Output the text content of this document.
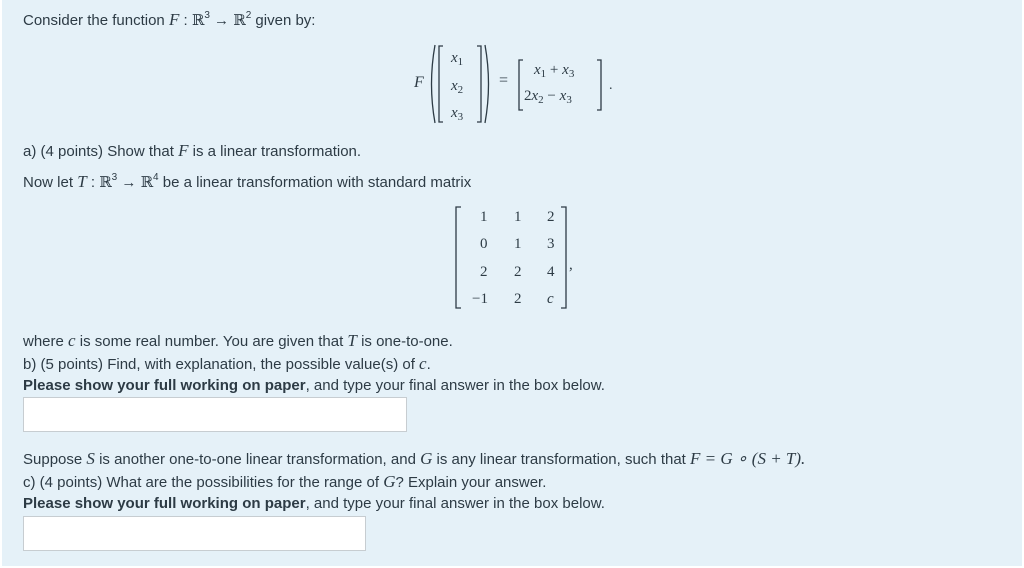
Consider the function F : ℝ$^3$ → ℝ$^2$ given by:
F
$x_1$
$x_2$
$x_3$
=
$x_1 + x_3$
$2x_2 - x_3$
.
a) (4 points) Show that F is a linear transformation.
Now let T : ℝ$^3$ → ℝ$^4$ be a linear transformation with standard matrix
1 1 2
0 1 3
2 2 4
−1 2 c
,
where c is some real number. You are given that T is one-to-one.
b) (5 points) Find, with explanation, the possible value(s) of c.
Please show your full working on paper, and type your final answer in the box below.
Suppose S is another one-to-one linear transformation, and G is any linear transformation, such that F = G ∘ (S + T).
c) (4 points) What are the possibilities for the range of G? Explain your answer.
Please show your full working on paper, and type your final answer in the box below.
